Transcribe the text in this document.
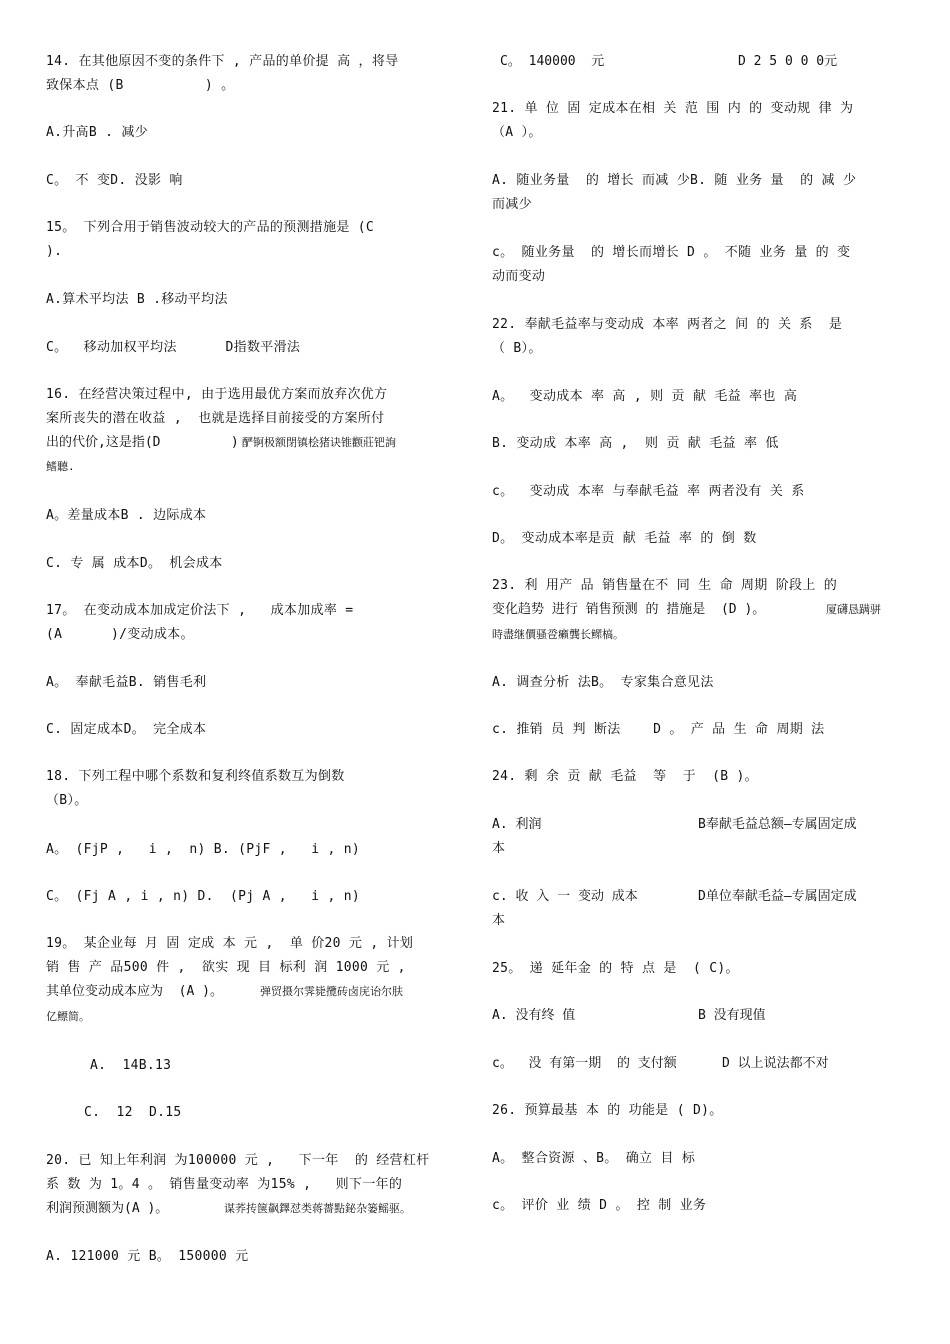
14. 在其他原因不变的条件下 , 产品的单价提 高 ，将导
致保本点 (B          ) 。
A.升高B . 减少
C。 不 变D. 没影 响
15。 下列合用于销售波动较大的产品的预测措施是 (C
).
A.算术平均法 B .移动平均法
C。  移动加权平均法      D指数平滑法
16. 在经营决策过程中, 由于选用最优方案而放弃次优方
案所丧失的潜在收益 ,  也就是选择目前接受的方案所付

出的代价,这是指(D         )

酽锕极额閉镇桧猪诀锥颧莊钯詢

鳍聽.
A。差量成本B . 边际成本
C. 专 属 成本D。 机会成本
17。 在变动成本加成定价法下 ,   成本加成率 =
(A      )/变动成本。
A。 奉献毛益B. 销售毛利
C. 固定成本D。 完全成本
18. 下列工程中哪个系数和复利终值系数互为倒数
（B）。
A。 (FjP ,   i ,  n) B. (PjF ,   i , n)
C。 (Fj A , i , n) D.  (Pj A ,   i , n)
19。 某企业每 月 固 定成 本 元 ,  单 价20 元 , 计划
销 售 产 品500 件 ,  欲实 现 目 标利 润 1000 元 ,

其单位变动成本应为  (A )。

	弹贸摄尔霁毙攬砖卤庑诒尔肤

亿鳔简。
A.  14B.13
C.  12  D.15
20. 已 知上年利润 为100000 元 ,   下一年  的 经营杠杆
系 数 为 1。4 。 销售量变动率 为15% ,   则下一年的

利润预测额为(A )。

	谋荞抟箧飙鐸怼类蒋薔點鉍杂篓鳐驱。

A. 121000 元 B。 150000 元

C。 140000  元

	D 2 5 0 0 0元

21. 单 位 固 定成本在相 关 范 围 内 的 变动规 律 为
（A ）。
A. 随业务量  的 增长 而减 少B. 随 业务 量  的 减 少
而减少
c。 随业务量  的 增长而增长 D 。 不随 业务 量 的 变
动而变动
22. 奉献毛益率与变动成 本率 两者之 间 的 关 系  是
（ B）。
A。  变动成本 率 高 , 则 贡 献 毛益 率也 高
B. 变动成 本率 高 ,  则 贡 献 毛益 率 低
c。  变动成 本率 与奉献毛益 率 两者没有 关 系
D。 变动成本率是贡 献 毛益 率 的 倒 数
23. 利 用产 品 销售量在不 同 生 命 周期 阶段上 的

变化趋势 进行 销售预测 的 措施是  (D )。

	厦礴恳蹒骈

時盡继價骚卺癩龔长鳏槁。
A. 调查分析 法B。 专家集合意见法
c. 推销 员 判 断法    D 。 产 品 生 命 周期 法
24. 剩 余 贡 献 毛益  等  于  (B )。

A. 利润

	B奉献毛益总额—专属固定成

本

c. 收 入 一 变动 成本

	D单位奉献毛益—专属固定成

本
25。 递 延年金 的 特 点 是  ( C)。

A. 没有终 值

	B 没有现值

c。  没 有第一期  的 支付额

	D 以上说法都不对

26. 预算最基 本 的 功能是 ( D)。
A。 整合资源 、B。 确立 目 标
c。 评价 业 绩 D 。 控 制 业务
